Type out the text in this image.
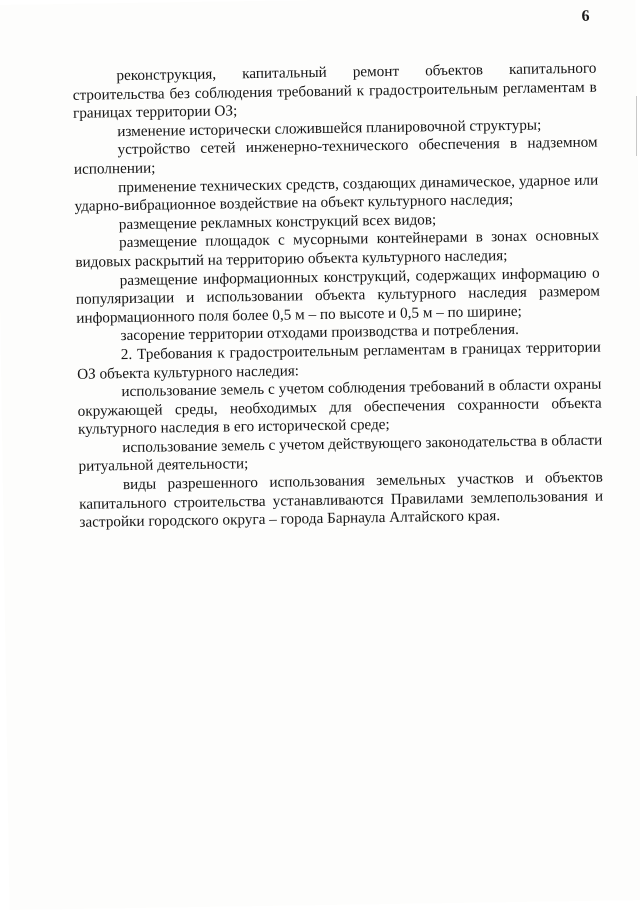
6

реконструкция, капитальный ремонт объектов капитального строительства без соблюдения требований к градостроительным регламентам в границах территории ОЗ;

изменение исторически сложившейся планировочной структуры;

устройство сетей инженерно-технического обеспечения в надземном исполнении;

применение технических средств, создающих динамическое, ударное или ударно-вибрационное воздействие на объект культурного наследия;

размещение рекламных конструкций всех видов;

размещение площадок с мусорными контейнерами в зонах основных видовых раскрытий на территорию объекта культурного наследия;

размещение информационных конструкций, содержащих информацию о популяризации и использовании объекта культурного наследия размером информационного поля более 0,5 м – по высоте и 0,5 м – по ширине;

засорение территории отходами производства и потребления.

2. Требования к градостроительным регламентам в границах территории ОЗ объекта культурного наследия:

использование земель с учетом соблюдения требований в области охраны окружающей среды, необходимых для обеспечения сохранности объекта культурного наследия в его исторической среде;

использование земель с учетом действующего законодательства в области ритуальной деятельности;

виды разрешенного использования земельных участков и объектов капитального строительства устанавливаются Правилами землепользования и застройки городского округа – города Барнаула Алтайского края.
